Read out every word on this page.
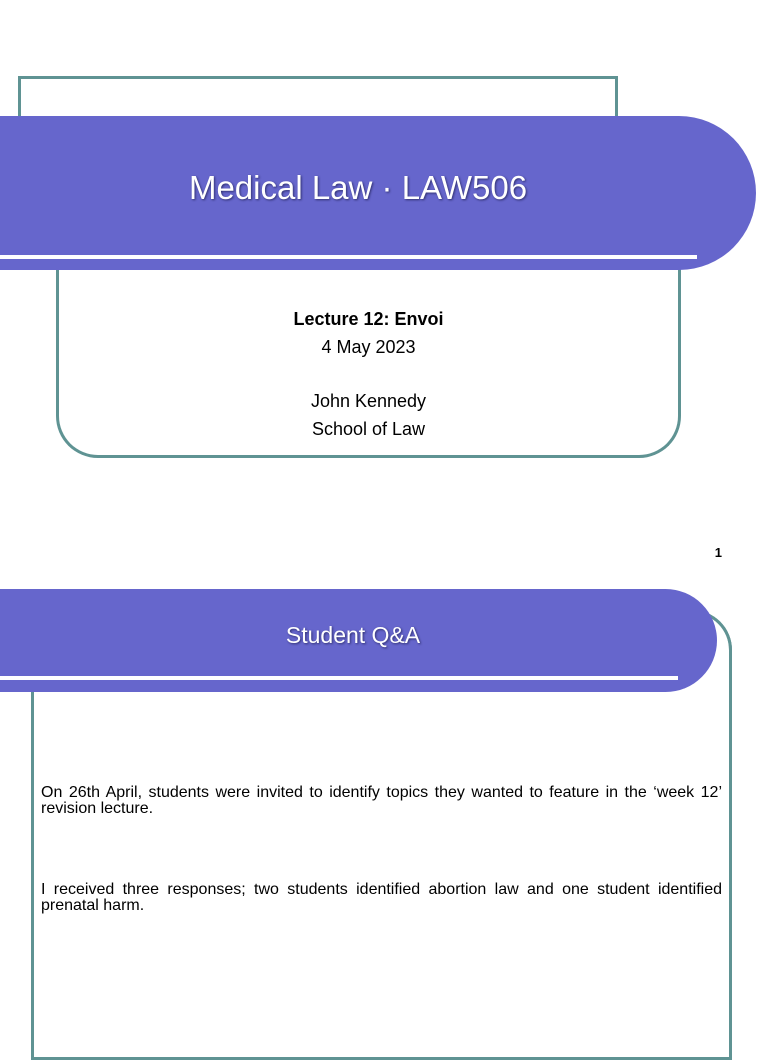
Medical Law · LAW506
Lecture 12: Envoi
4 May 2023
John Kennedy
School of Law
1
Student Q&A
On 26th April, students were invited to identify topics they wanted to feature in the ‘week 12’ revision lecture.
I received three responses; two students identified abortion law and one student identified prenatal harm.
